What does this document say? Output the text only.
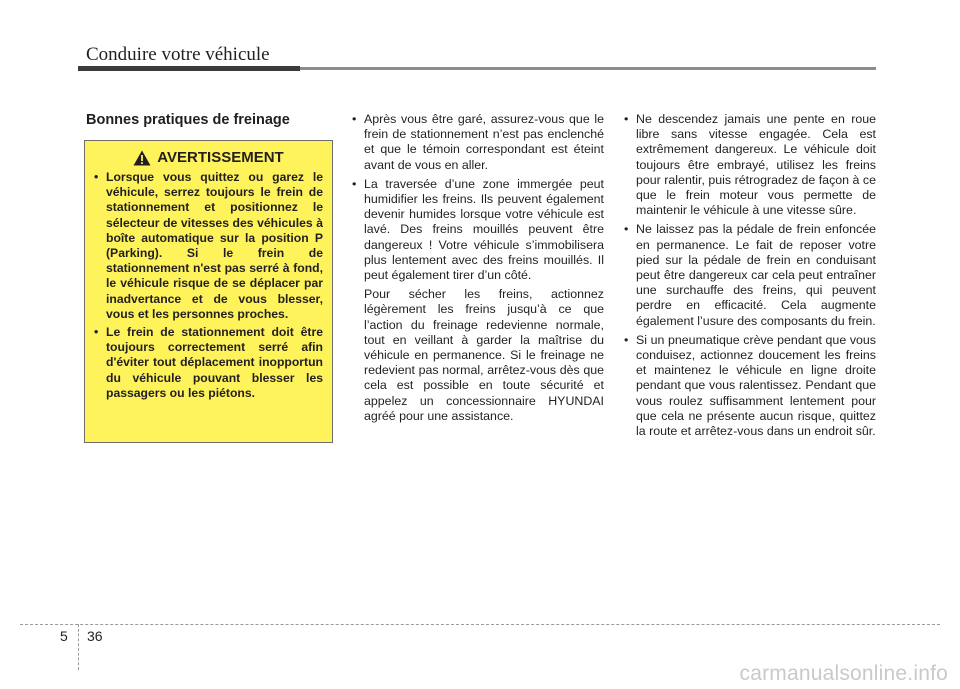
Conduire votre véhicule
Bonnes pratiques de freinage
AVERTISSEMENT
• Lorsque vous quittez ou garez le véhicule, serrez toujours le frein de stationnement et positionnez le sélecteur de vitesses des véhicules à boîte automatique sur la position P (Parking). Si le frein de stationnement n'est pas serré à fond, le véhicule risque de se déplacer par inadvertance et de vous blesser, vous et les personnes proches.
• Le frein de stationnement doit être toujours correctement serré afin d'éviter tout déplacement inopportun du véhicule pouvant blesser les passagers ou les piétons.
• Après vous être garé, assurez-vous que le frein de stationnement n’est pas enclenché et que le témoin correspondant est éteint avant de vous en aller.
• La traversée d’une zone immergée peut humidifier les freins. Ils peuvent également devenir humides lorsque votre véhicule est lavé. Des freins mouillés peuvent être dangereux ! Votre véhicule s’immobilisera plus lentement avec des freins mouillés. Il peut également tirer d’un côté.

Pour sécher les freins, actionnez légèrement les freins jusqu’à ce que l’action du freinage redevienne normale, tout en veillant à garder la maîtrise du véhicule en permanence. Si le freinage ne redevient pas normal, arrêtez-vous dès que cela est possible en toute sécurité et appelez un concessionnaire HYUNDAI agréé pour une assistance.

• Ne descendez jamais une pente en roue libre sans vitesse engagée. Cela est extrêmement dangereux. Le véhicule doit toujours être embrayé, utilisez les freins pour ralentir, puis rétrogradez de façon à ce que le frein moteur vous permette de maintenir le véhicule à une vitesse sûre.
• Ne laissez pas la pédale de frein enfoncée en permanence. Le fait de reposer votre pied sur la pédale de frein en conduisant peut être dangereux car cela peut entraîner une surchauffe des freins, qui peuvent perdre en efficacité. Cela augmente également l’usure des composants du frein.
• Si un pneumatique crève pendant que vous conduisez, actionnez doucement les freins et maintenez le véhicule en ligne droite pendant que vous ralentissez. Pendant que vous roulez suffisamment lentement pour que cela ne présente aucun risque, quittez la route et arrêtez-vous dans un endroit sûr.
5 36
carmanualsonline.info
